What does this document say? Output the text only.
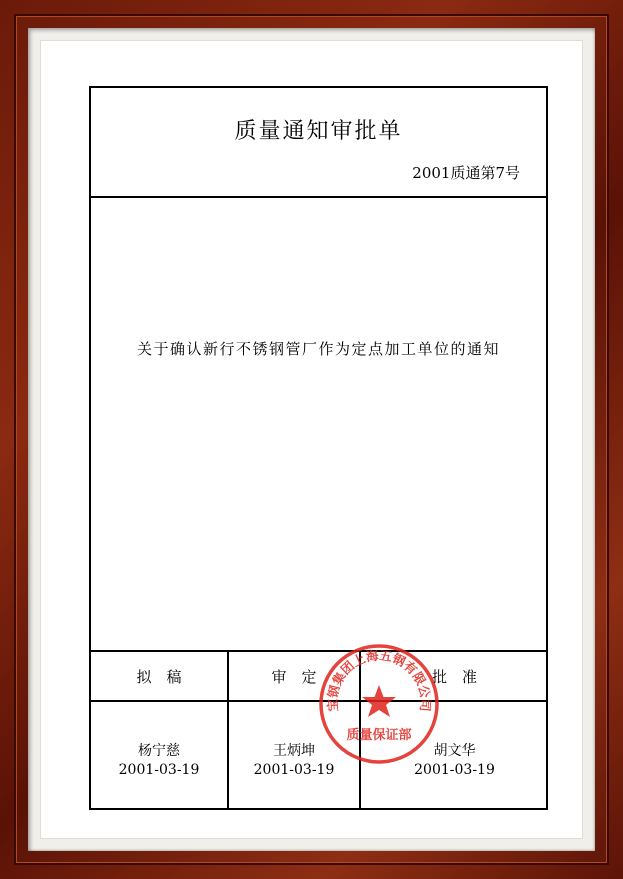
质量通知审批单
2001质通第7号
关于确认新行不锈钢管厂作为定点加工单位的通知
拟　稿	审　定	批　准
杨宁慈	王炳坤	胡文华
2001-03-19	2001-03-19	2001-03-19
宝钢集团上海五钢有限公司
质量保证部
